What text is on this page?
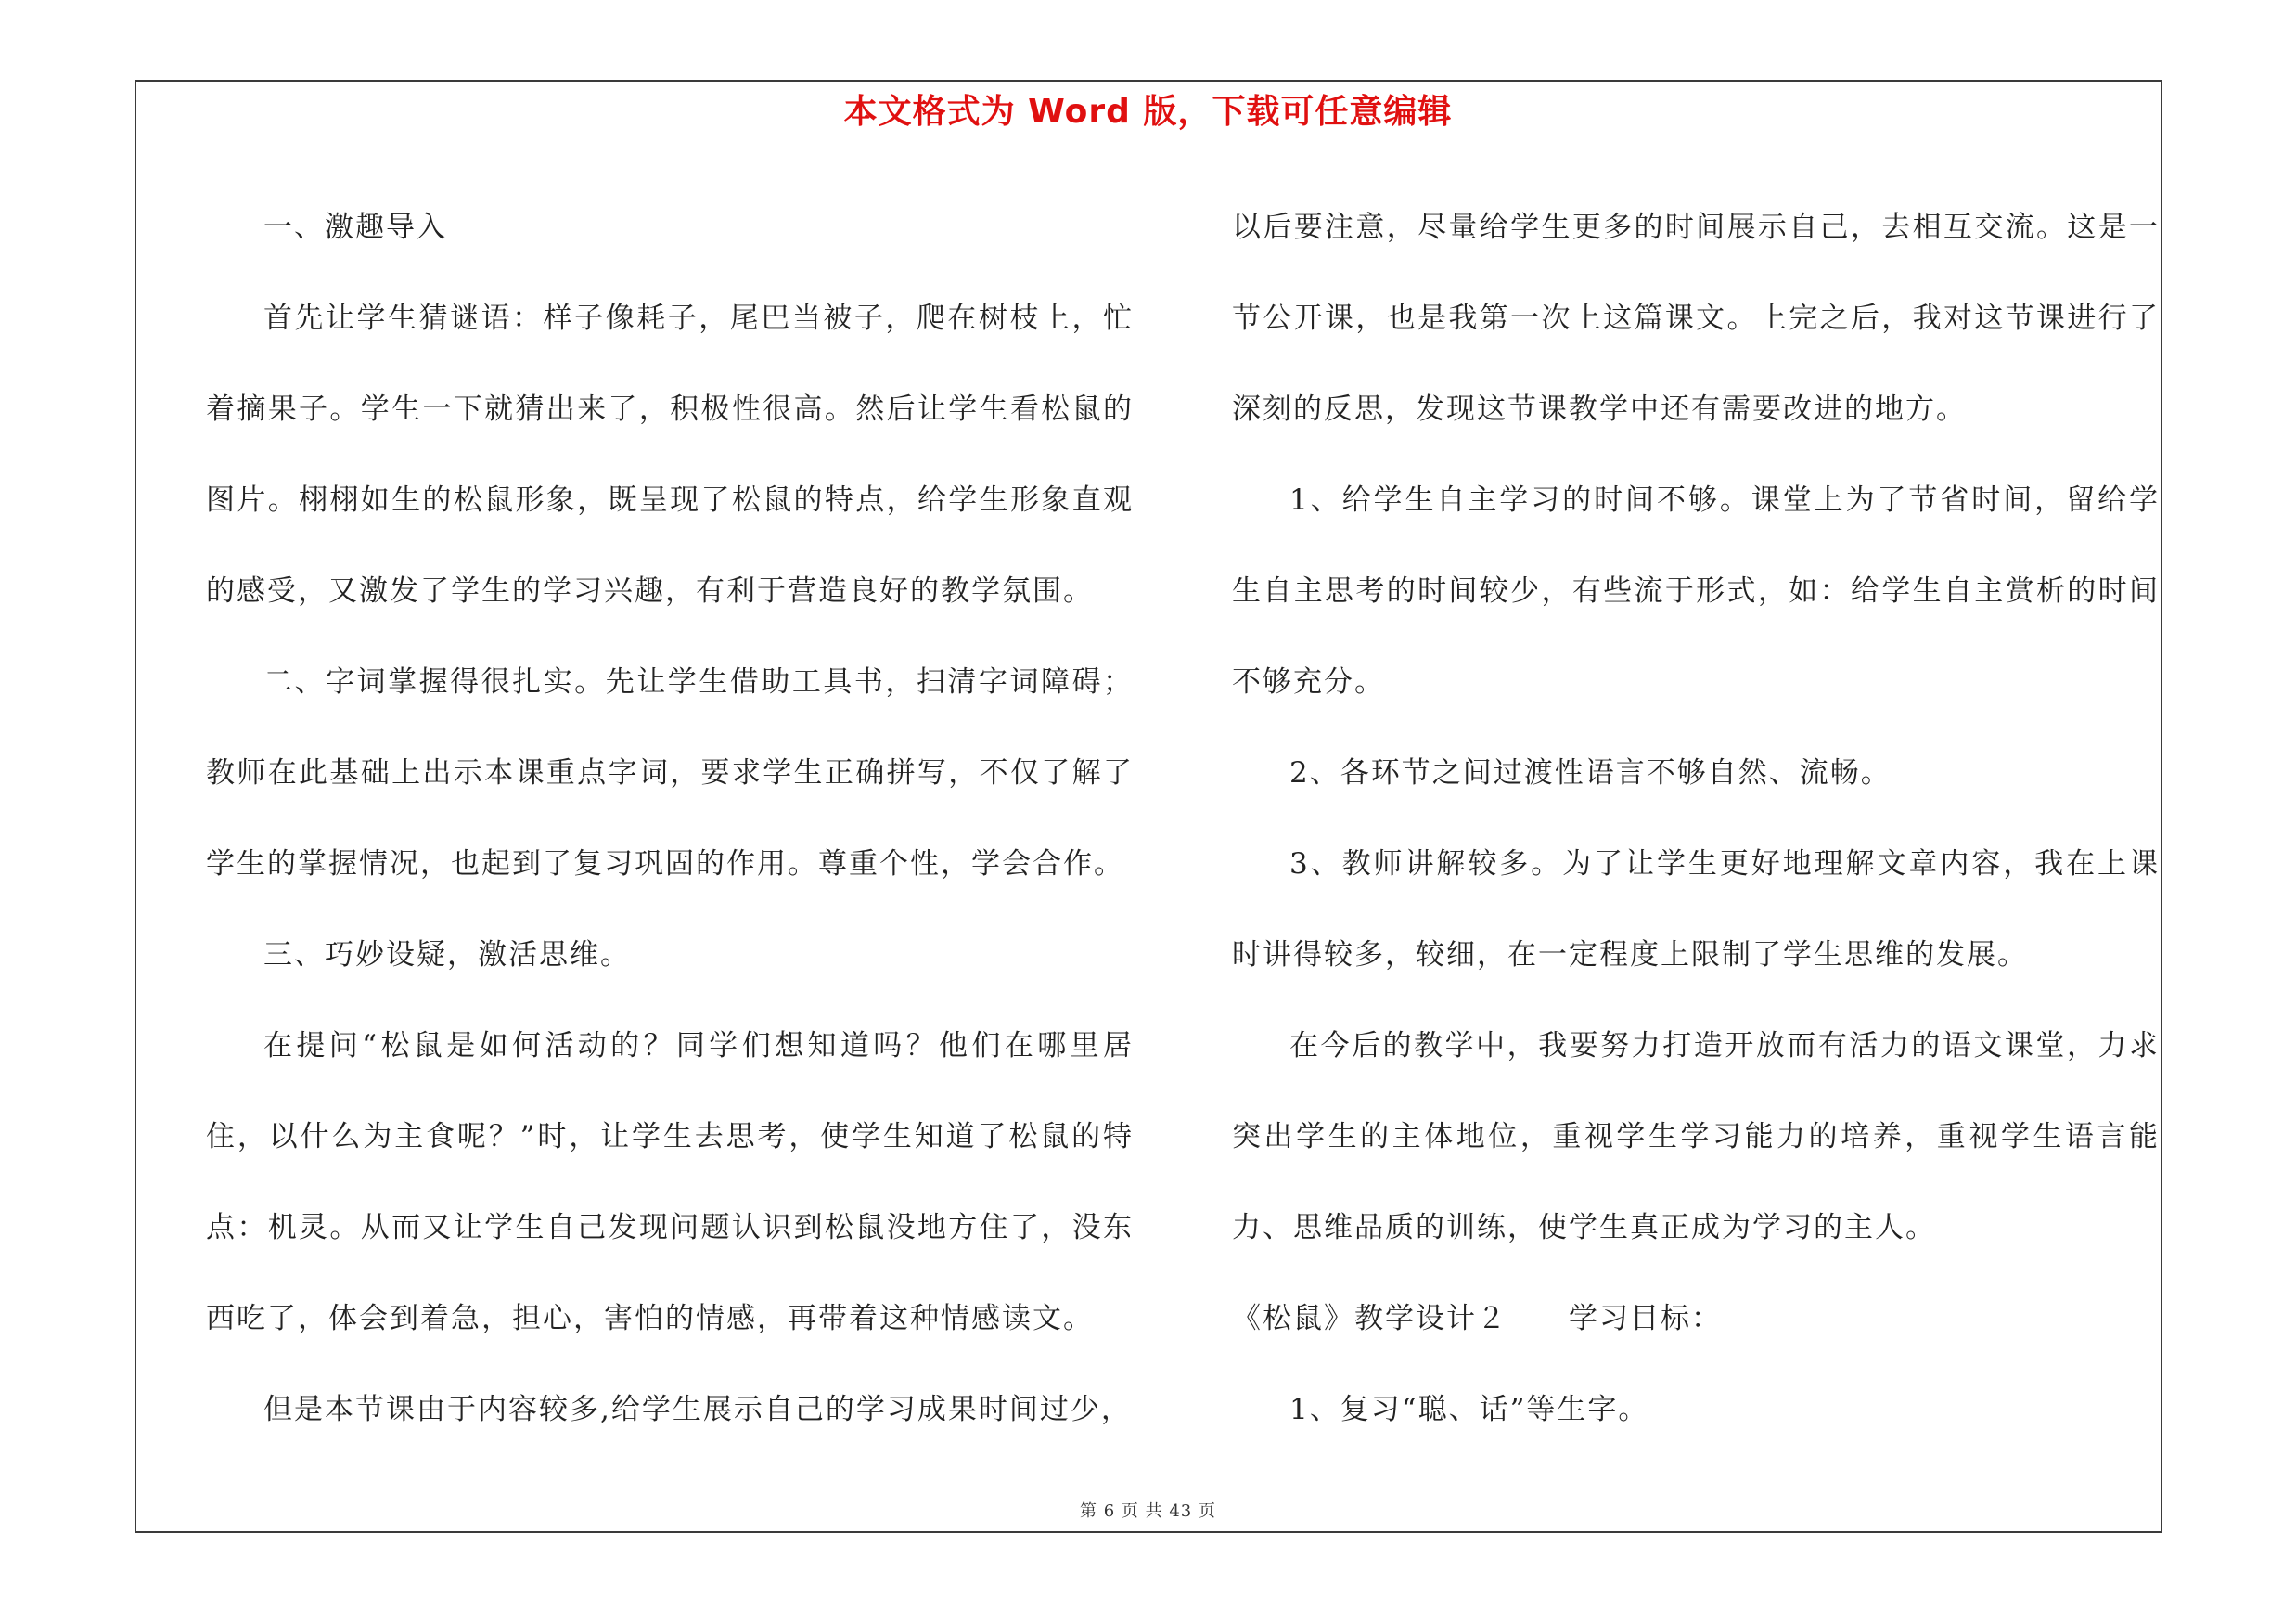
本文格式为 Word 版，下载可任意编辑

一、激趣导入

首先让学生猜谜语：样子像耗子，尾巴当被子，爬在树枝上，忙着摘果子。学生一下就猜出来了，积极性很高。然后让学生看松鼠的图片。栩栩如生的松鼠形象，既呈现了松鼠的特点，给学生形象直观的感受，又激发了学生的学习兴趣，有利于营造良好的教学氛围。

二、字词掌握得很扎实。先让学生借助工具书，扫清字词障碍；教师在此基础上出示本课重点字词，要求学生正确拼写，不仅了解了学生的掌握情况，也起到了复习巩固的作用。尊重个性，学会合作。

三、巧妙设疑，激活思维。

在提问“松鼠是如何活动的？同学们想知道吗？他们在哪里居住，以什么为主食呢？”时，让学生去思考，使学生知道了松鼠的特点：机灵。从而又让学生自己发现问题认识到松鼠没地方住了，没东西吃了，体会到着急，担心，害怕的情感，再带着这种情感读文。

但是本节课由于内容较多,给学生展示自己的学习成果时间过少，

以后要注意，尽量给学生更多的时间展示自己，去相互交流。这是一节公开课，也是我第一次上这篇课文。上完之后，我对这节课进行了深刻的反思，发现这节课教学中还有需要改进的地方。

1、给学生自主学习的时间不够。课堂上为了节省时间，留给学生自主思考的时间较少，有些流于形式，如：给学生自主赏析的时间不够充分。

2、各环节之间过渡性语言不够自然、流畅。

3、教师讲解较多。为了让学生更好地理解文章内容，我在上课时讲得较多，较细，在一定程度上限制了学生思维的发展。

在今后的教学中，我要努力打造开放而有活力的语文课堂，力求突出学生的主体地位，重视学生学习能力的培养，重视学生语言能力、思维品质的训练，使学生真正成为学习的主人。

《松鼠》教学设计２　　学习目标：

1、复习“聪、话”等生字。

第 6 页 共 43 页
